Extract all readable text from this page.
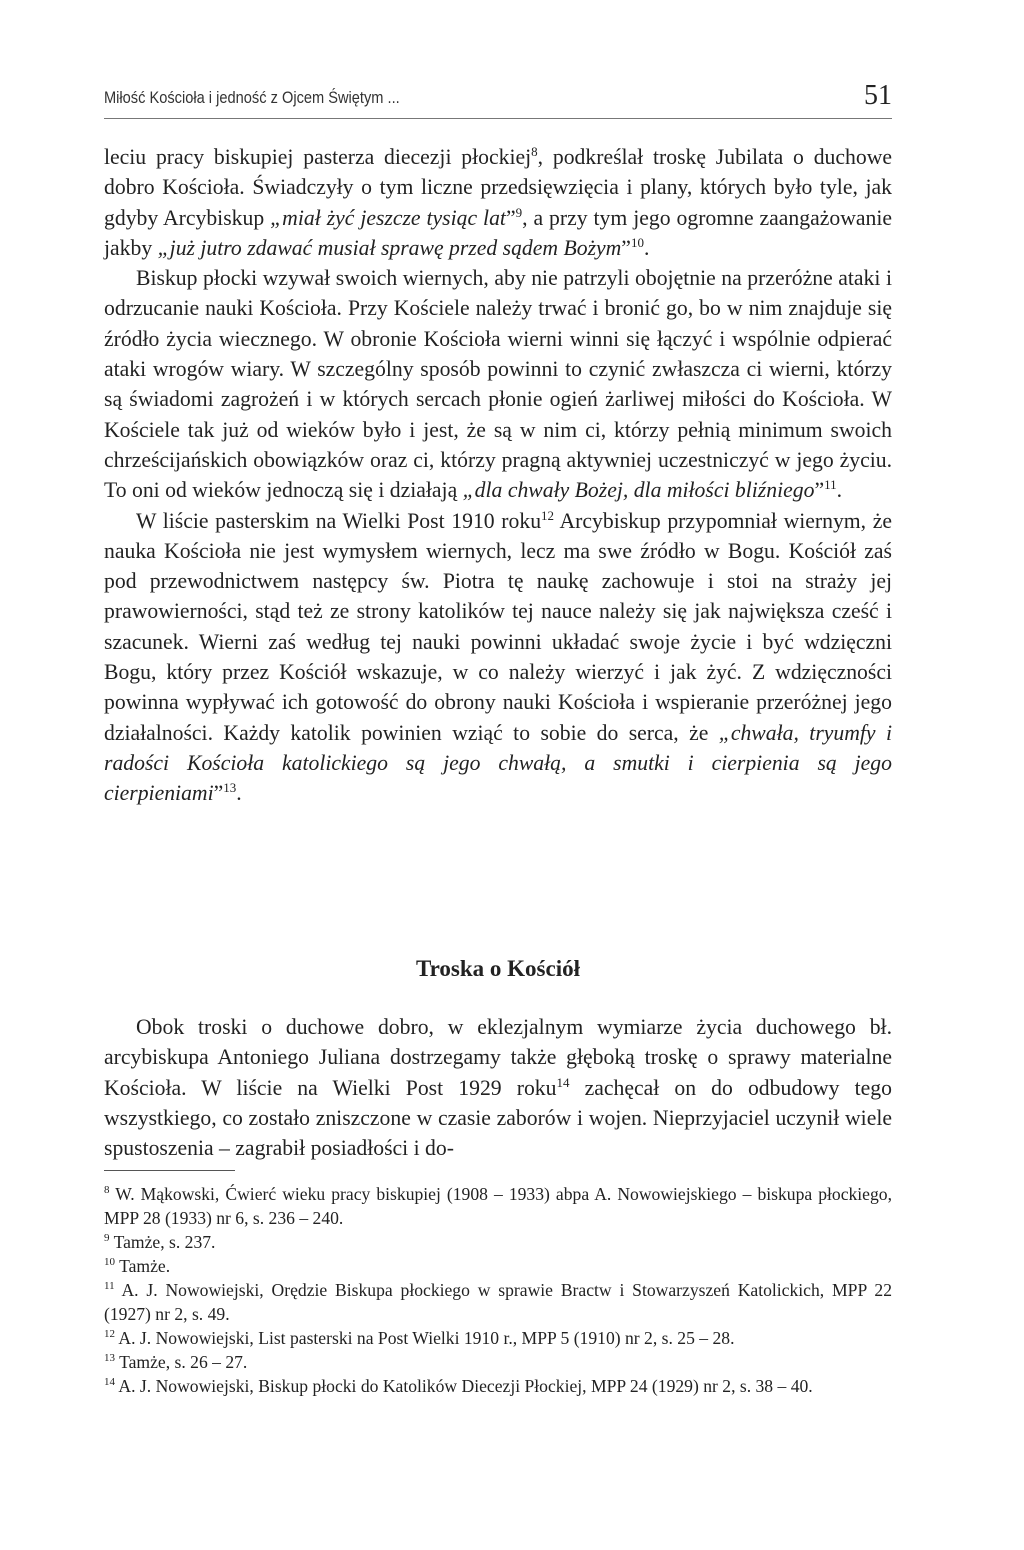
Miłość Kościoła i jedność z Ojcem Świętym ...	51

leciu pracy biskupiej pasterza diecezji płockiej$^8$, podkreślał troskę Jubilata o duchowe dobro Kościoła. Świadczyły o tym liczne przedsięwzięcia i plany, których było tyle, jak gdyby Arcybiskup „miał żyć jeszcze tysiąc lat”$^9$, a przy tym jego ogromne zaangażowanie jakby „już jutro zdawać musiał sprawę przed sądem Bożym”$^{10}$.

Biskup płocki wzywał swoich wiernych, aby nie patrzyli obojętnie na przeróżne ataki i odrzucanie nauki Kościoła. Przy Kościele należy trwać i bronić go, bo w nim znajduje się źródło życia wiecznego. W obronie Kościoła wierni winni się łączyć i wspólnie odpierać ataki wrogów wiary. W szczególny sposób powinni to czynić zwłaszcza ci wierni, którzy są świadomi zagrożeń i w których sercach płonie ogień żarliwej miłości do Kościoła. W Kościele tak już od wieków było i jest, że są w nim ci, którzy pełnią minimum swoich chrześcijańskich obowiązków oraz ci, którzy pragną aktywniej uczestniczyć w jego życiu. To oni od wieków jednoczą się i działają „dla chwały Bożej, dla miłości bliźniego”$^{11}$.

W liście pasterskim na Wielki Post 1910 roku$^{12}$ Arcybiskup przypomniał wiernym, że nauka Kościoła nie jest wymysłem wiernych, lecz ma swe źródło w Bogu. Kościół zaś pod przewodnictwem następcy św. Piotra tę naukę zachowuje i stoi na straży jej prawowierności, stąd też ze strony katolików tej nauce należy się jak największa cześć i szacunek. Wierni zaś według tej nauki powinni układać swoje życie i być wdzięczni Bogu, który przez Kościół wskazuje, w co należy wierzyć i jak żyć. Z wdzięczności powinna wypływać ich gotowość do obrony nauki Kościoła i wspieranie przeróżnej jego działalności. Każdy katolik powinien wziąć to sobie do serca, że „chwała, tryumfy i radości Kościoła katolickiego są jego chwałą, a smutki i cierpienia są jego cierpieniami”$^{13}$.

Troska o Kościół

Obok troski o duchowe dobro, w eklezjalnym wymiarze życia duchowego bł. arcybiskupa Antoniego Juliana dostrzegamy także głęboką troskę o sprawy materialne Kościoła. W liście na Wielki Post 1929 roku$^{14}$ zachęcał on do odbudowy tego wszystkiego, co zostało zniszczone w czasie zaborów i wojen. Nieprzyjaciel uczynił wiele spustoszenia – zagrabił posiadłości i do-

$^8$ W. Mąkowski, Ćwierć wieku pracy biskupiej (1908 – 1933) abpa A. Nowowiejskiego – biskupa płockiego, MPP 28 (1933) nr 6, s. 236 – 240.

$^9$ Tamże, s. 237.

$^{10}$ Tamże.

$^{11}$ A. J. Nowowiejski, Orędzie Biskupa płockiego w sprawie Bractw i Stowarzyszeń Katolickich, MPP 22 (1927) nr 2, s. 49.

$^{12}$ A. J. Nowowiejski, List pasterski na Post Wielki 1910 r., MPP 5 (1910) nr 2, s. 25 – 28.

$^{13}$ Tamże, s. 26 – 27.

$^{14}$ A. J. Nowowiejski, Biskup płocki do Katolików Diecezji Płockiej, MPP 24 (1929) nr 2, s. 38 – 40.
